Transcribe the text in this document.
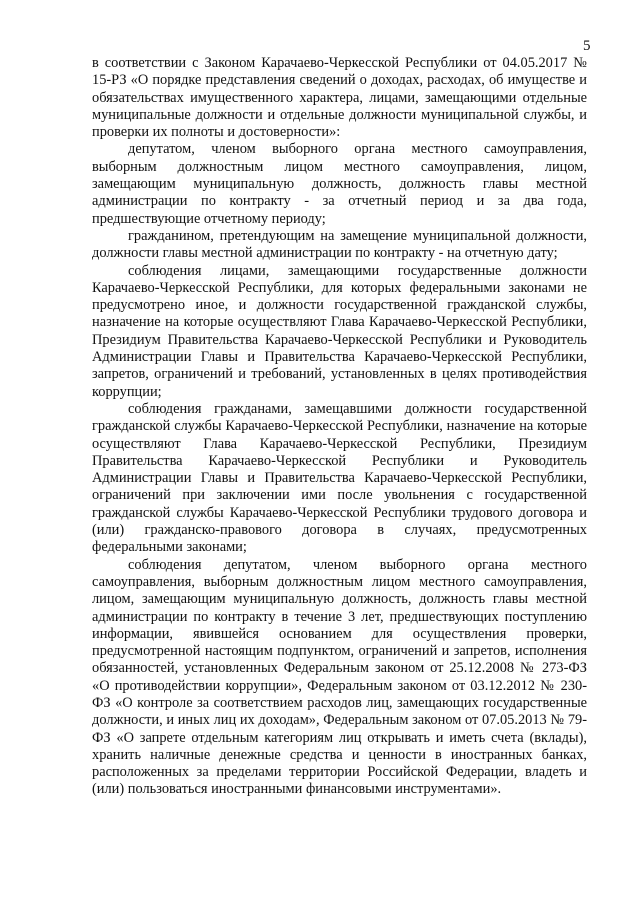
5

в соответствии с Законом Карачаево-Черкесской Республики от 04.05.2017 № 15-РЗ «О порядке представления сведений о доходах, расходах, об имуществе и обязательствах имущественного характера, лицами, замещающими отдельные муниципальные должности и отдельные должности муниципальной службы, и проверки их полноты и достоверности»:

депутатом, членом выборного органа местного самоуправления, выборным должностным лицом местного самоуправления, лицом, замещающим муниципальную должность, должность главы местной администрации по контракту - за отчетный период и за два года, предшествующие отчетному периоду;

гражданином, претендующим на замещение муниципальной должности, должности главы местной администрации по контракту - на отчетную дату;

соблюдения лицами, замещающими государственные должности Карачаево-Черкесской Республики, для которых федеральными законами не предусмотрено иное, и должности государственной гражданской службы, назначение на которые осуществляют Глава Карачаево-Черкесской Республики, Президиум Правительства Карачаево-Черкесской Республики и Руководитель Администрации Главы и Правительства Карачаево-Черкесской Республики, запретов, ограничений и требований, установленных в целях противодействия коррупции;

соблюдения гражданами, замещавшими должности государственной гражданской службы Карачаево-Черкесской Республики, назначение на которые осуществляют Глава Карачаево-Черкесской Республики, Президиум Правительства Карачаево-Черкесской Республики и Руководитель Администрации Главы и Правительства Карачаево-Черкесской Республики, ограничений при заключении ими после увольнения с государственной гражданской службы Карачаево-Черкесской Республики трудового договора и (или) гражданско-правового договора в случаях, предусмотренных федеральными законами;

соблюдения депутатом, членом выборного органа местного самоуправления, выборным должностным лицом местного самоуправления, лицом, замещающим муниципальную должность, должность главы местной администрации по контракту в течение 3 лет, предшествующих поступлению информации, явившейся основанием для осуществления проверки, предусмотренной настоящим подпунктом, ограничений и запретов, исполнения обязанностей, установленных Федеральным законом от 25.12.2008 № 273-ФЗ «О противодействии коррупции», Федеральным законом от 03.12.2012 № 230-ФЗ «О контроле за соответствием расходов лиц, замещающих государственные должности, и иных лиц их доходам», Федеральным законом от 07.05.2013 № 79-ФЗ «О запрете отдельным категориям лиц открывать и иметь счета (вклады), хранить наличные денежные средства и ценности в иностранных банках, расположенных за пределами территории Российской Федерации, владеть и (или) пользоваться иностранными финансовыми инструментами».
